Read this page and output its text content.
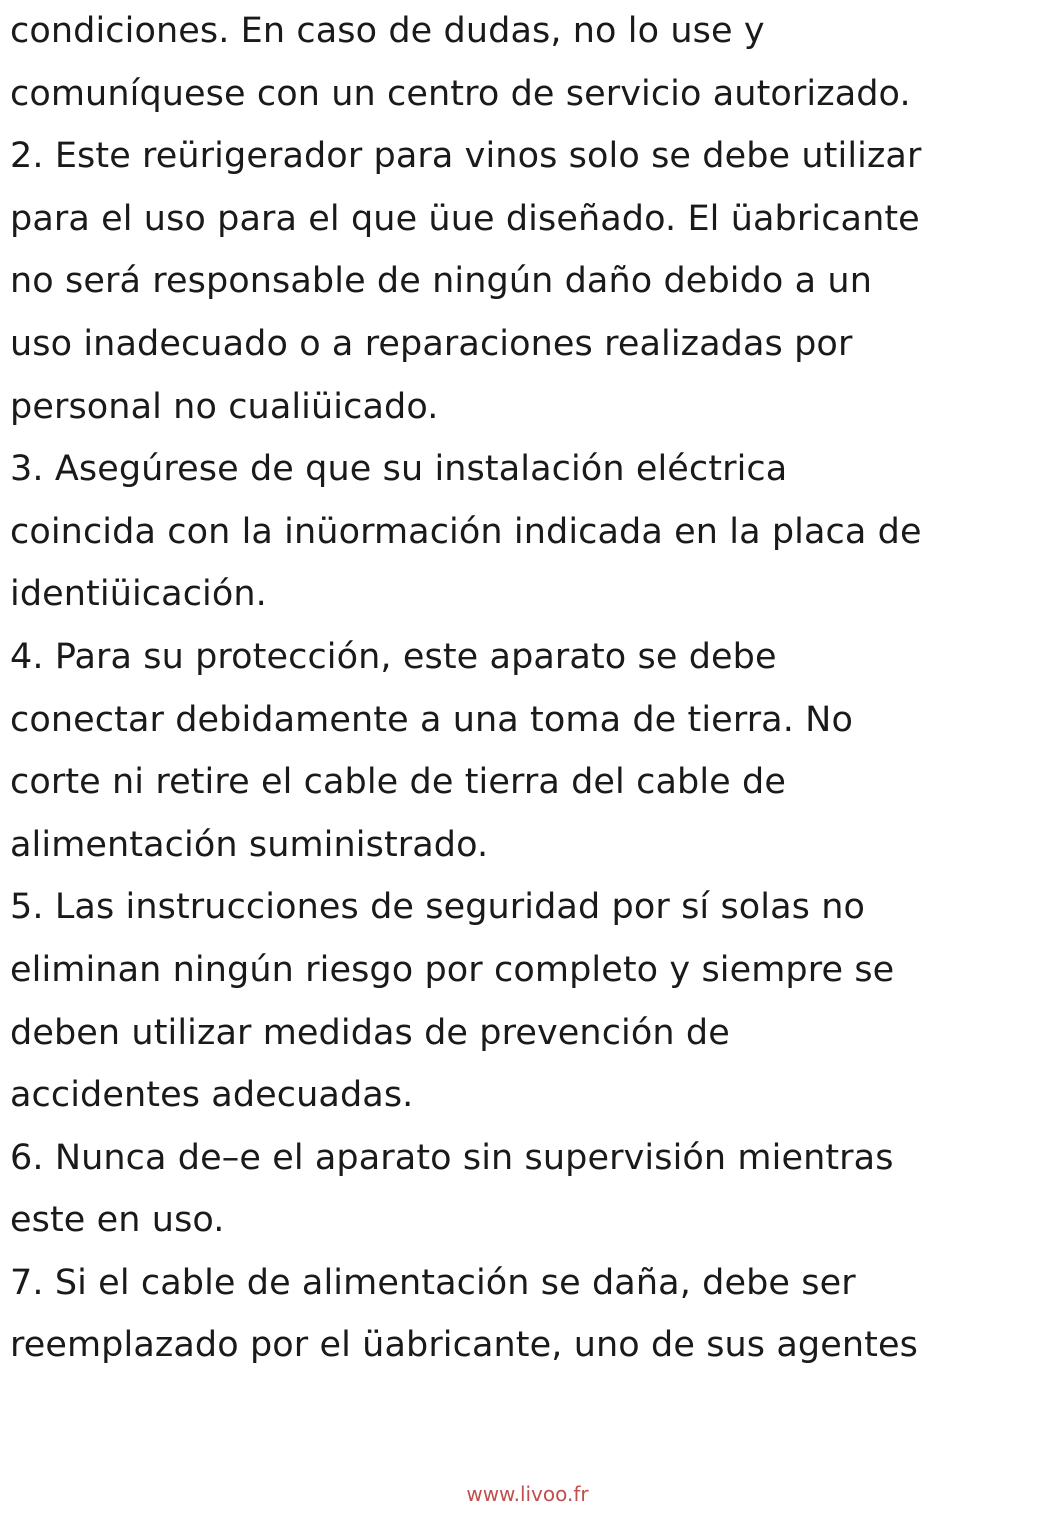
condiciones. En caso de dudas, no lo use y
comuníquese con un centro de servicio autorizado.
2. Este reürigerador para vinos solo se debe utilizar
para el uso para el que üue diseñado. El üabricante
no será responsable de ningún daño debido a un
uso inadecuado o a reparaciones realizadas por
personal no cualiüicado.
3. Asegúrese de que su instalación eléctrica
coincida con la inüormación indicada en la placa de
identiüicación.
4. Para su protección, este aparato se debe
conectar debidamente a una toma de tierra. No
corte ni retire el cable de tierra del cable de
alimentación suministrado.
5. Las instrucciones de seguridad por sí solas no
eliminan ningún riesgo por completo y siempre se
deben utilizar medidas de prevención de
accidentes adecuadas.
6. Nunca de–e el aparato sin supervisión mientras
este en uso.
7. Si el cable de alimentación se daña, debe ser
reemplazado por el üabricante, uno de sus agentes
www.livoo.fr
